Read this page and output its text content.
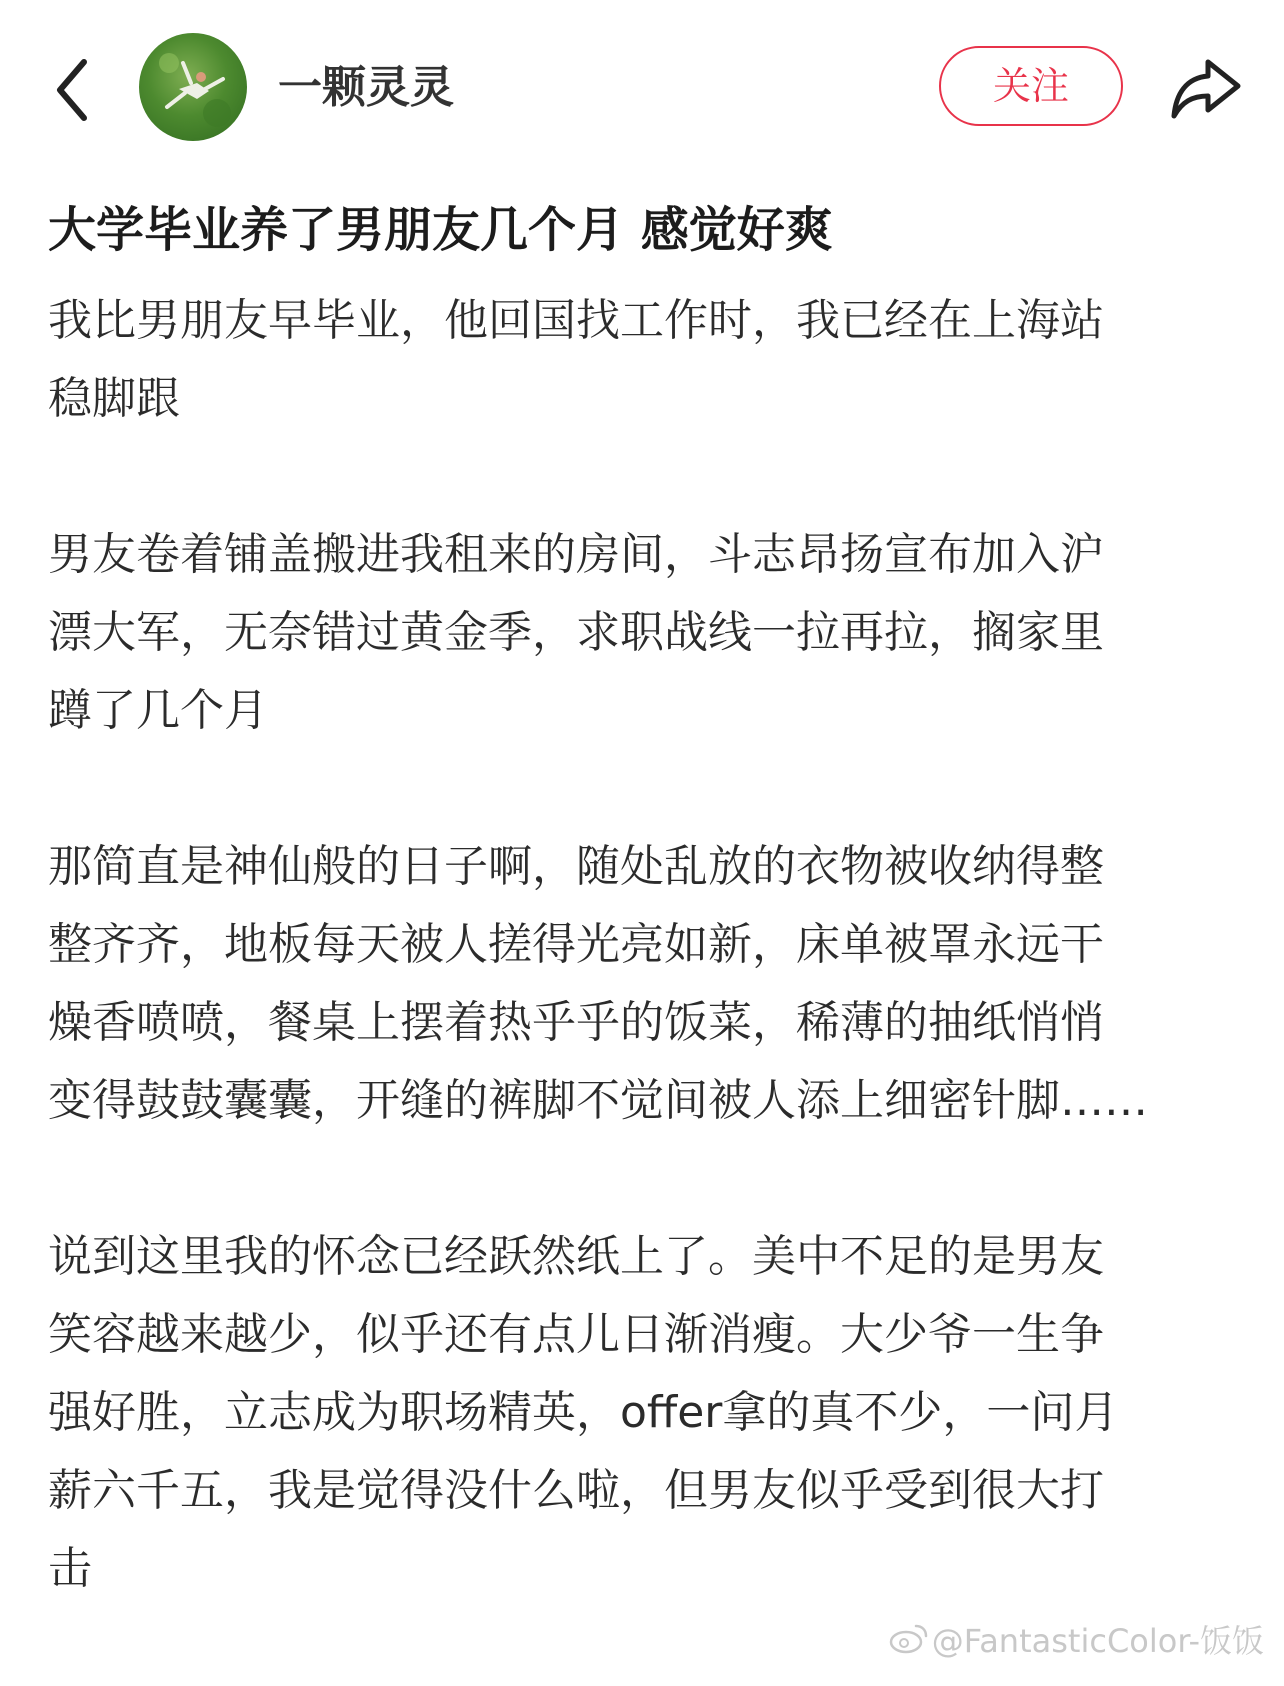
一颗灵灵	关注
大学毕业养了男朋友几个月 感觉好爽

我比男朋友早毕业，他回国找工作时，我已经在上海站
稳脚跟

男友卷着铺盖搬进我租来的房间，斗志昂扬宣布加入沪
漂大军，无奈错过黄金季，求职战线一拉再拉，搁家里
蹲了几个月

那简直是神仙般的日子啊，随处乱放的衣物被收纳得整
整齐齐，地板每天被人搓得光亮如新，床单被罩永远干
燥香喷喷，餐桌上摆着热乎乎的饭菜，稀薄的抽纸悄悄
变得鼓鼓囊囊，开缝的裤脚不觉间被人添上细密针脚……

说到这里我的怀念已经跃然纸上了。美中不足的是男友
笑容越来越少，似乎还有点儿日渐消瘦。大少爷一生争
强好胜，立志成为职场精英，offer拿的真不少，一问月
薪六千五，我是觉得没什么啦，但男友似乎受到很大打
击

@FantasticColor-饭饭
